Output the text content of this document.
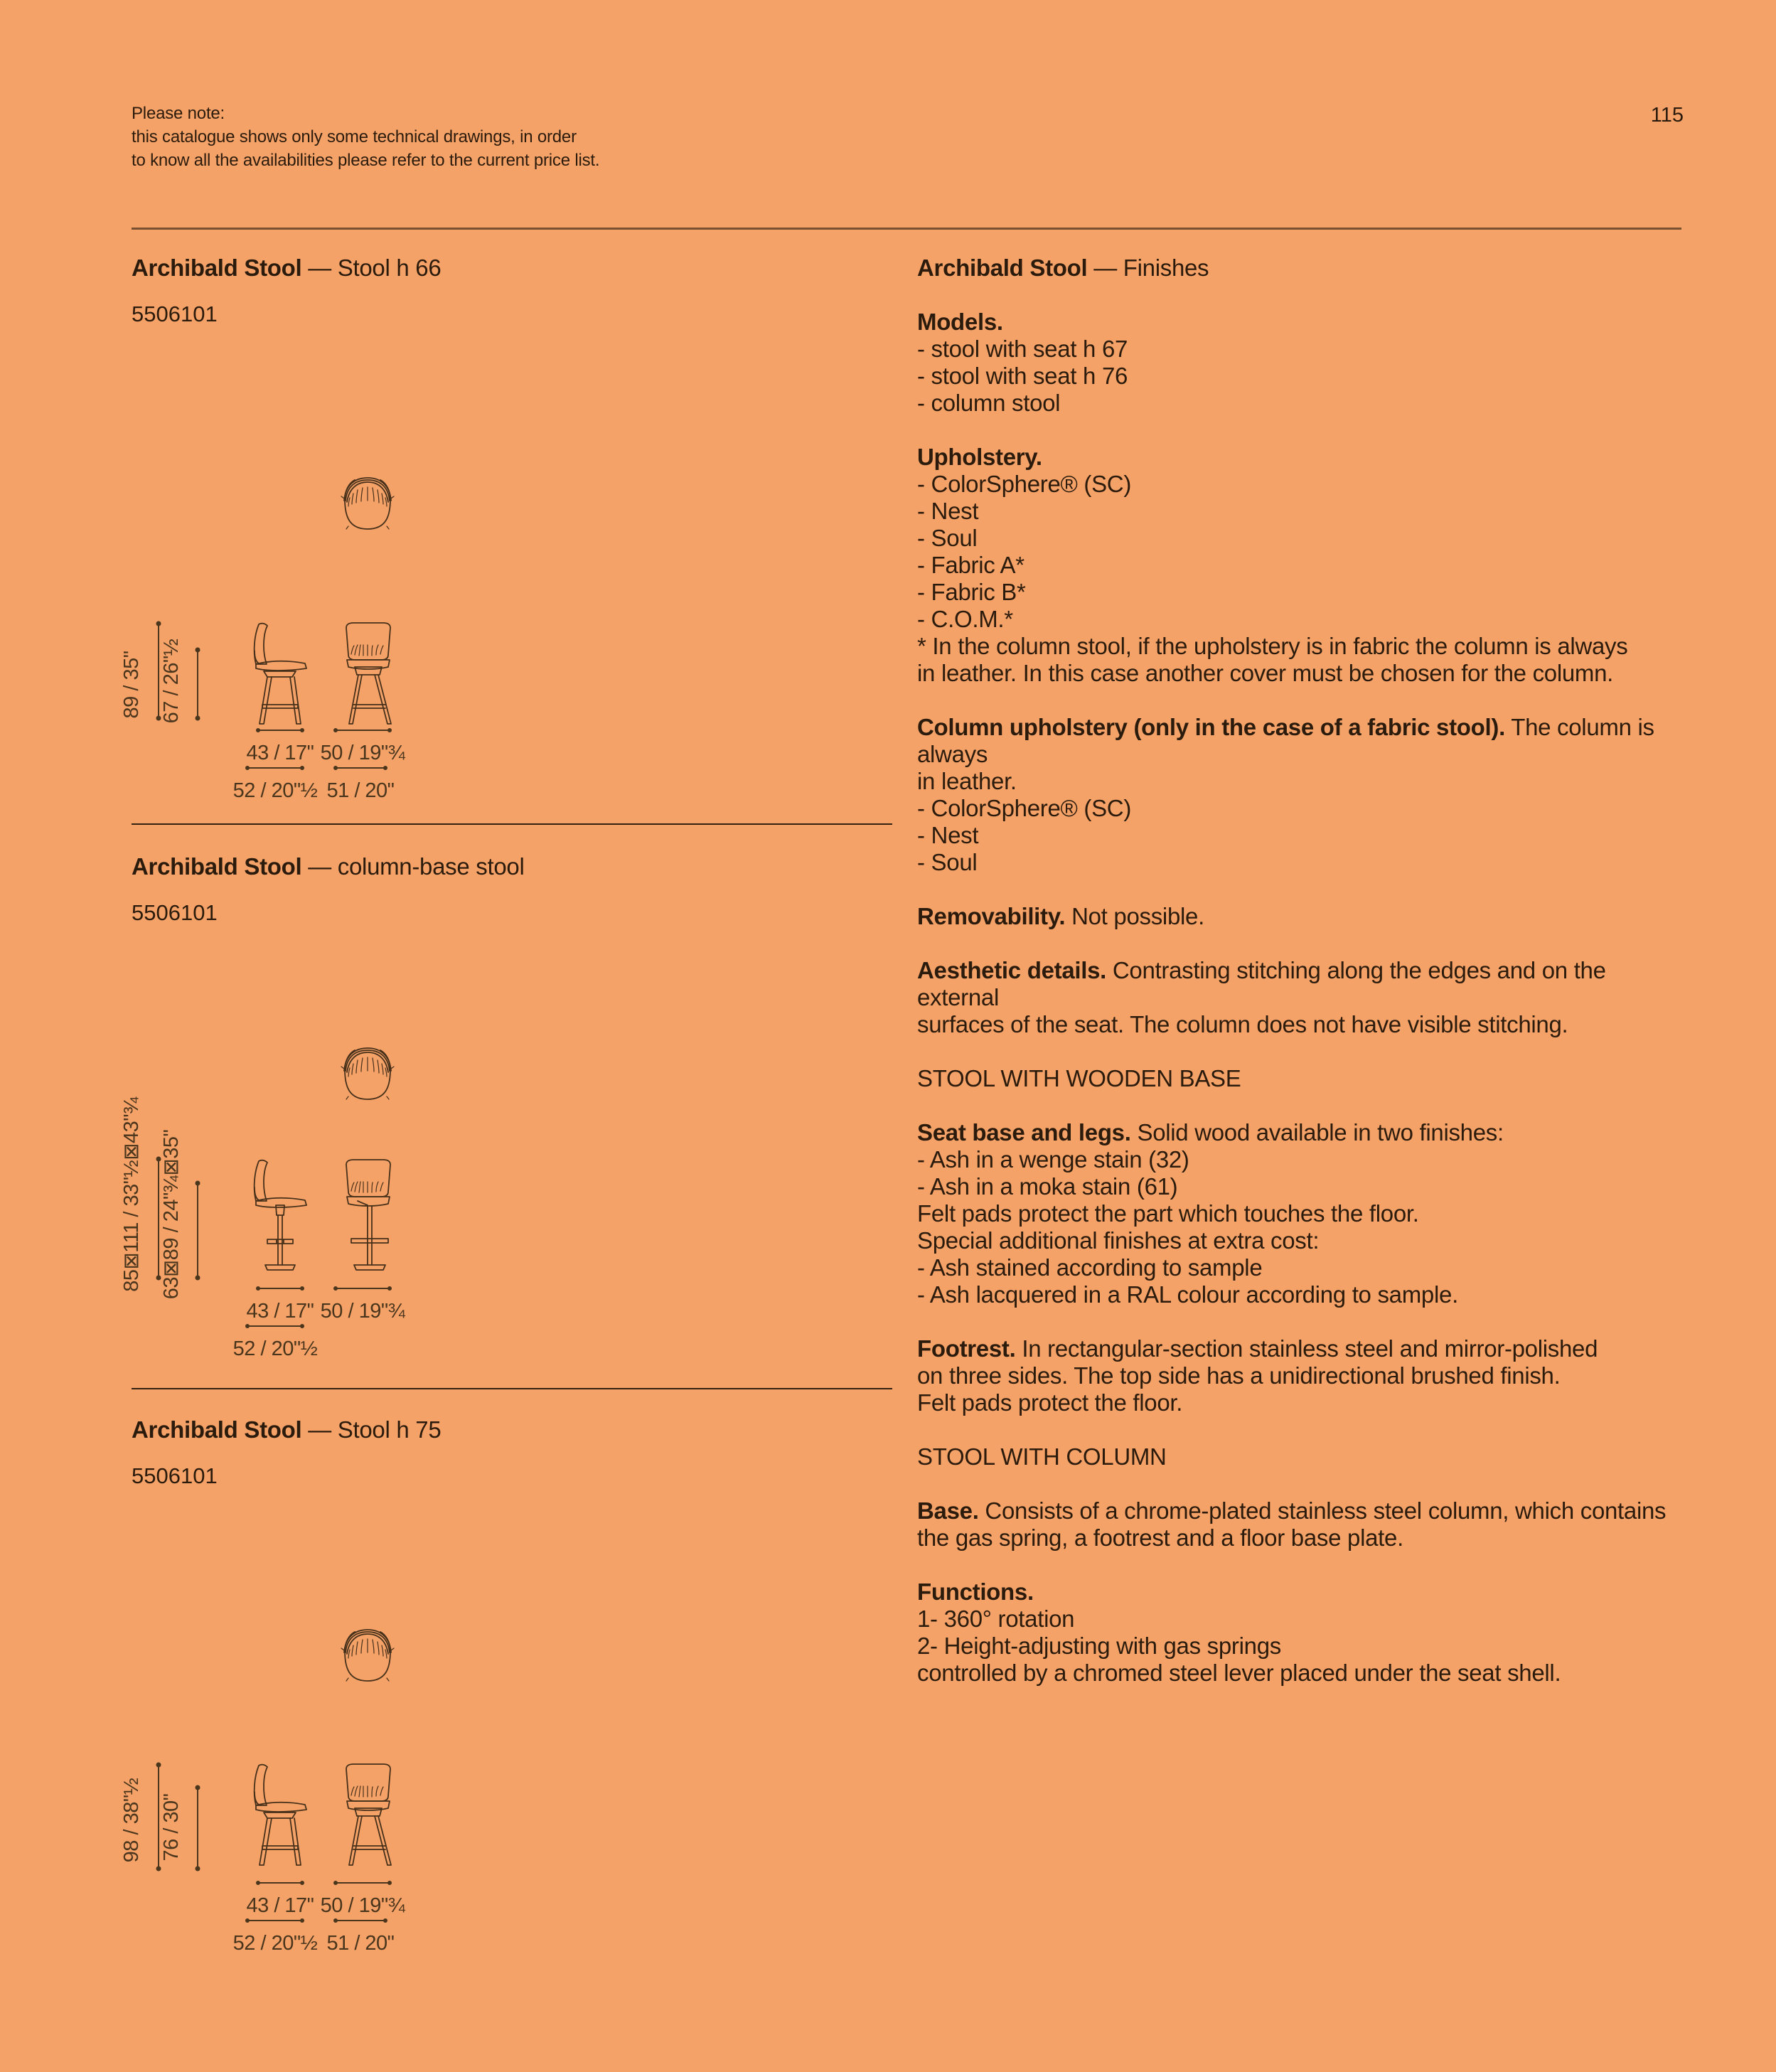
Please note:
this catalogue shows only some technical drawings, in order
to know all the availabilities please refer to the current price list.
115
Archibald Stool — Stool h 66
5506101
89 / 35" 67 / 26"½
43 / 17" 50 / 19"¾
52 / 20"½ 51 / 20"
Archibald Stool — column-base stool
5506101
85⊠111 / 33"½⊠43"¾ 63⊠89 / 24"¾⊠35"
43 / 17" 50 / 19"¾
52 / 20"½
Archibald Stool — Stool h 75
5506101
98 / 38"½ 76 / 30"
43 / 17" 50 / 19"¾
52 / 20"½ 51 / 20"

Archibald Stool — Finishes

Models.
- stool with seat h 67
- stool with seat h 76
- column stool

Upholstery.
- ColorSphere® (SC)
- Nest
- Soul
- Fabric A*
- Fabric B*
- C.O.M.*
* In the column stool, if the upholstery is in fabric the column is always
in leather. In this case another cover must be chosen for the column.

Column upholstery (only in the case of a fabric stool). The column is always
in leather.
- ColorSphere® (SC)
- Nest
- Soul

Removability. Not possible.

Aesthetic details. Contrasting stitching along the edges and on the external
surfaces of the seat. The column does not have visible stitching.

STOOL WITH WOODEN BASE

Seat base and legs. Solid wood available in two finishes:
- Ash in a wenge stain (32)
- Ash in a moka stain (61)
Felt pads protect the part which touches the floor.
Special additional finishes at extra cost:
- Ash stained according to sample
- Ash lacquered in a RAL colour according to sample.

Footrest. In rectangular-section stainless steel and mirror-polished
on three sides. The top side has a unidirectional brushed finish.
Felt pads protect the floor.

STOOL WITH COLUMN

Base. Consists of a chrome-plated stainless steel column, which contains
the gas spring, a footrest and a floor base plate.

Functions.
1- 360° rotation
2- Height-adjusting with gas springs
controlled by a chromed steel lever placed under the seat shell.
